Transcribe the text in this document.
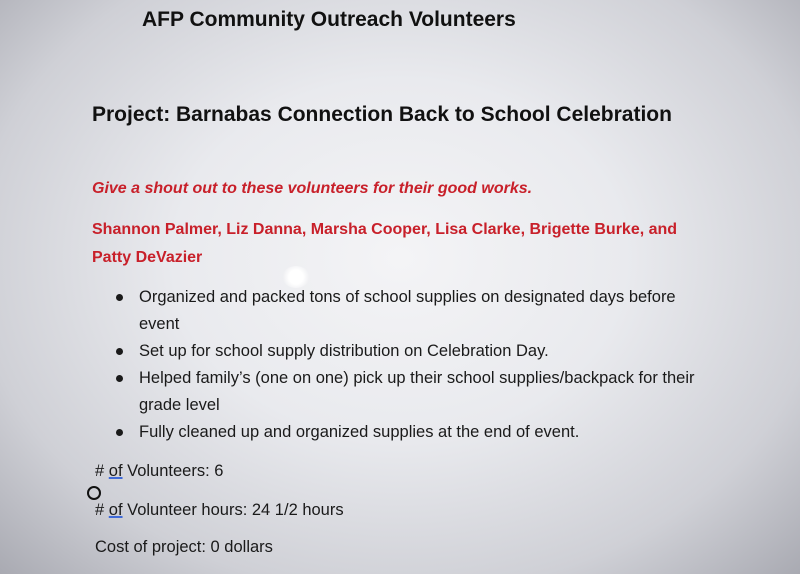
AFP Community Outreach Volunteers
Project: Barnabas Connection Back to School Celebration
Give a shout out to these volunteers for their good works.
Shannon Palmer, Liz Danna, Marsha Cooper, Lisa Clarke, Brigette Burke, and Patty DeVazier
Organized and packed tons of school supplies on designated days before event
Set up for school supply distribution on Celebration Day.
Helped family’s (one on one) pick up their school supplies/backpack for their grade level
Fully cleaned up and organized supplies at the end of event.
# of Volunteers: 6
# of Volunteer hours: 24 1/2 hours
Cost of project: 0 dollars
